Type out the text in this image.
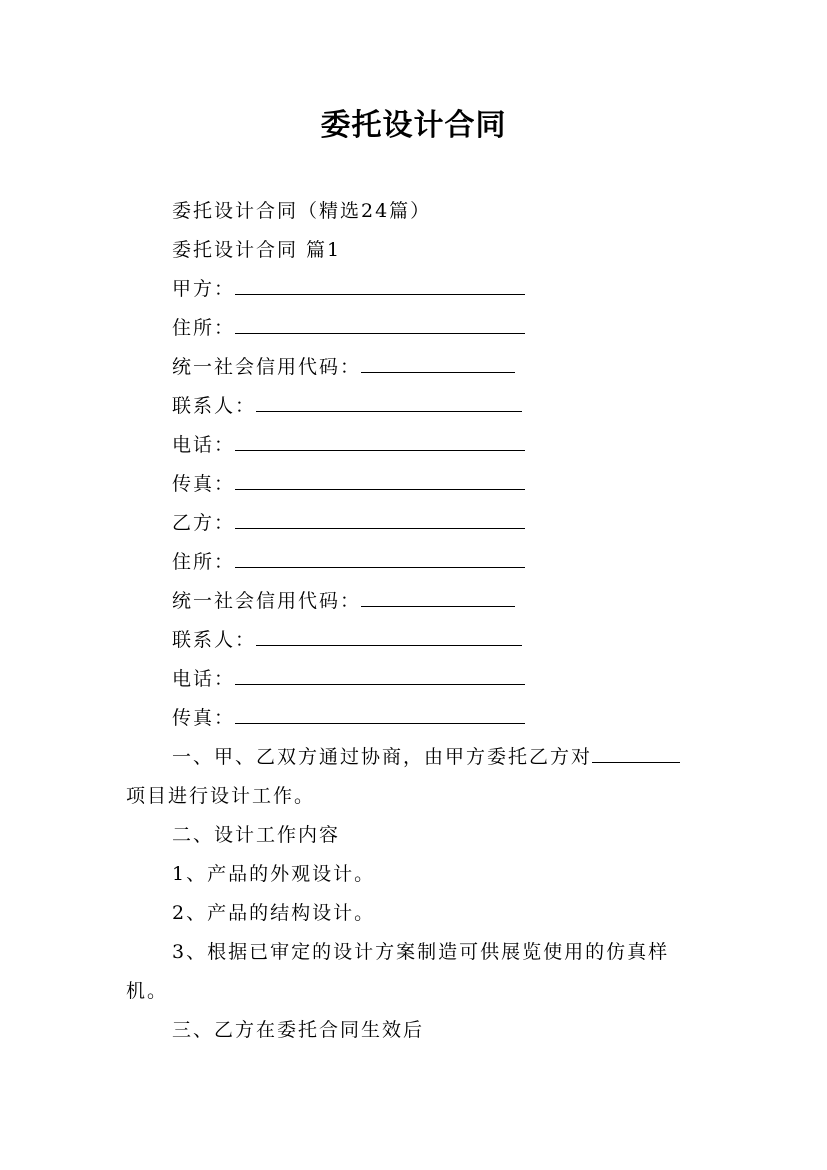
委托设计合同
委托设计合同（精选24篇）
委托设计合同 篇1
甲方：
住所：
统一社会信用代码：
联系人：
电话：
传真：
乙方：
住所：
统一社会信用代码：
联系人：
电话：
传真：
一、甲、乙双方通过协商，由甲方委托乙方对
项目进行设计工作。
二、设计工作内容
1、产品的外观设计。
2、产品的结构设计。
3、根据已审定的设计方案制造可供展览使用的仿真样
机。
三、乙方在委托合同生效后
